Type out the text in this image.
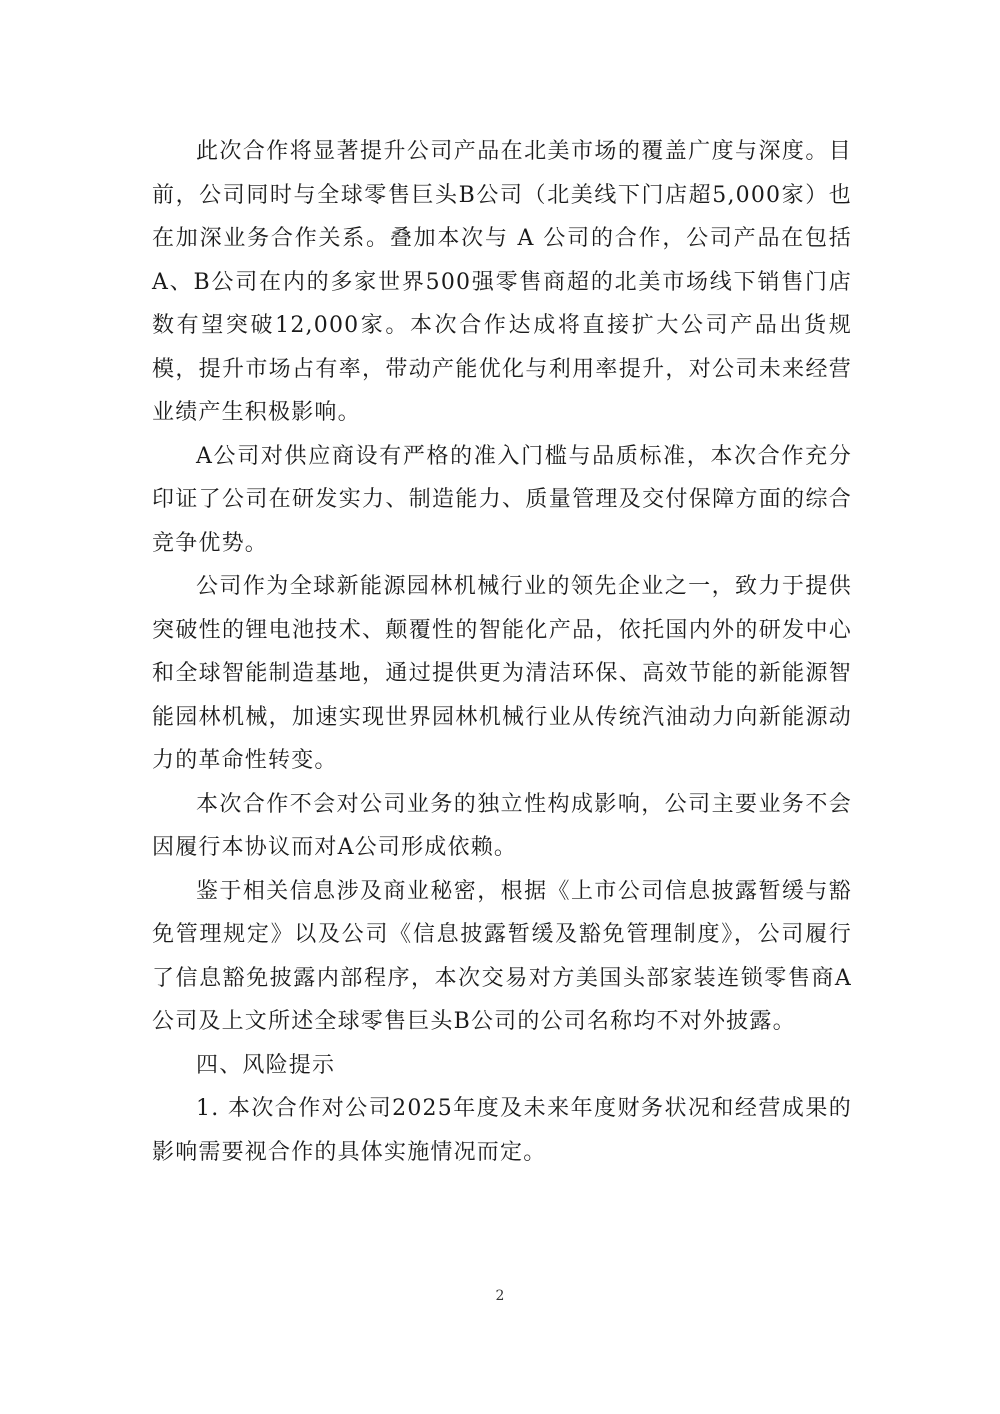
此次合作将显著提升公司产品在北美市场的覆盖广度与深度。目前，公司同时与全球零售巨头B公司（北美线下门店超5,000家）也在加深业务合作关系。叠加本次与 A 公司的合作，公司产品在包括A、B公司在内的多家世界500强零售商超的北美市场线下销售门店数有望突破12,000家。本次合作达成将直接扩大公司产品出货规模，提升市场占有率，带动产能优化与利用率提升，对公司未来经营业绩产生积极影响。

A公司对供应商设有严格的准入门槛与品质标准，本次合作充分印证了公司在研发实力、制造能力、质量管理及交付保障方面的综合竞争优势。

公司作为全球新能源园林机械行业的领先企业之一，致力于提供突破性的锂电池技术、颠覆性的智能化产品，依托国内外的研发中心和全球智能制造基地，通过提供更为清洁环保、高效节能的新能源智能园林机械，加速实现世界园林机械行业从传统汽油动力向新能源动力的革命性转变。

本次合作不会对公司业务的独立性构成影响，公司主要业务不会因履行本协议而对A公司形成依赖。

鉴于相关信息涉及商业秘密，根据《上市公司信息披露暂缓与豁免管理规定》以及公司《信息披露暂缓及豁免管理制度》，公司履行了信息豁免披露内部程序，本次交易对方美国头部家装连锁零售商A公司及上文所述全球零售巨头B公司的公司名称均不对外披露。

四、风险提示

1. 本次合作对公司2025年度及未来年度财务状况和经营成果的影响需要视合作的具体实施情况而定。

2
